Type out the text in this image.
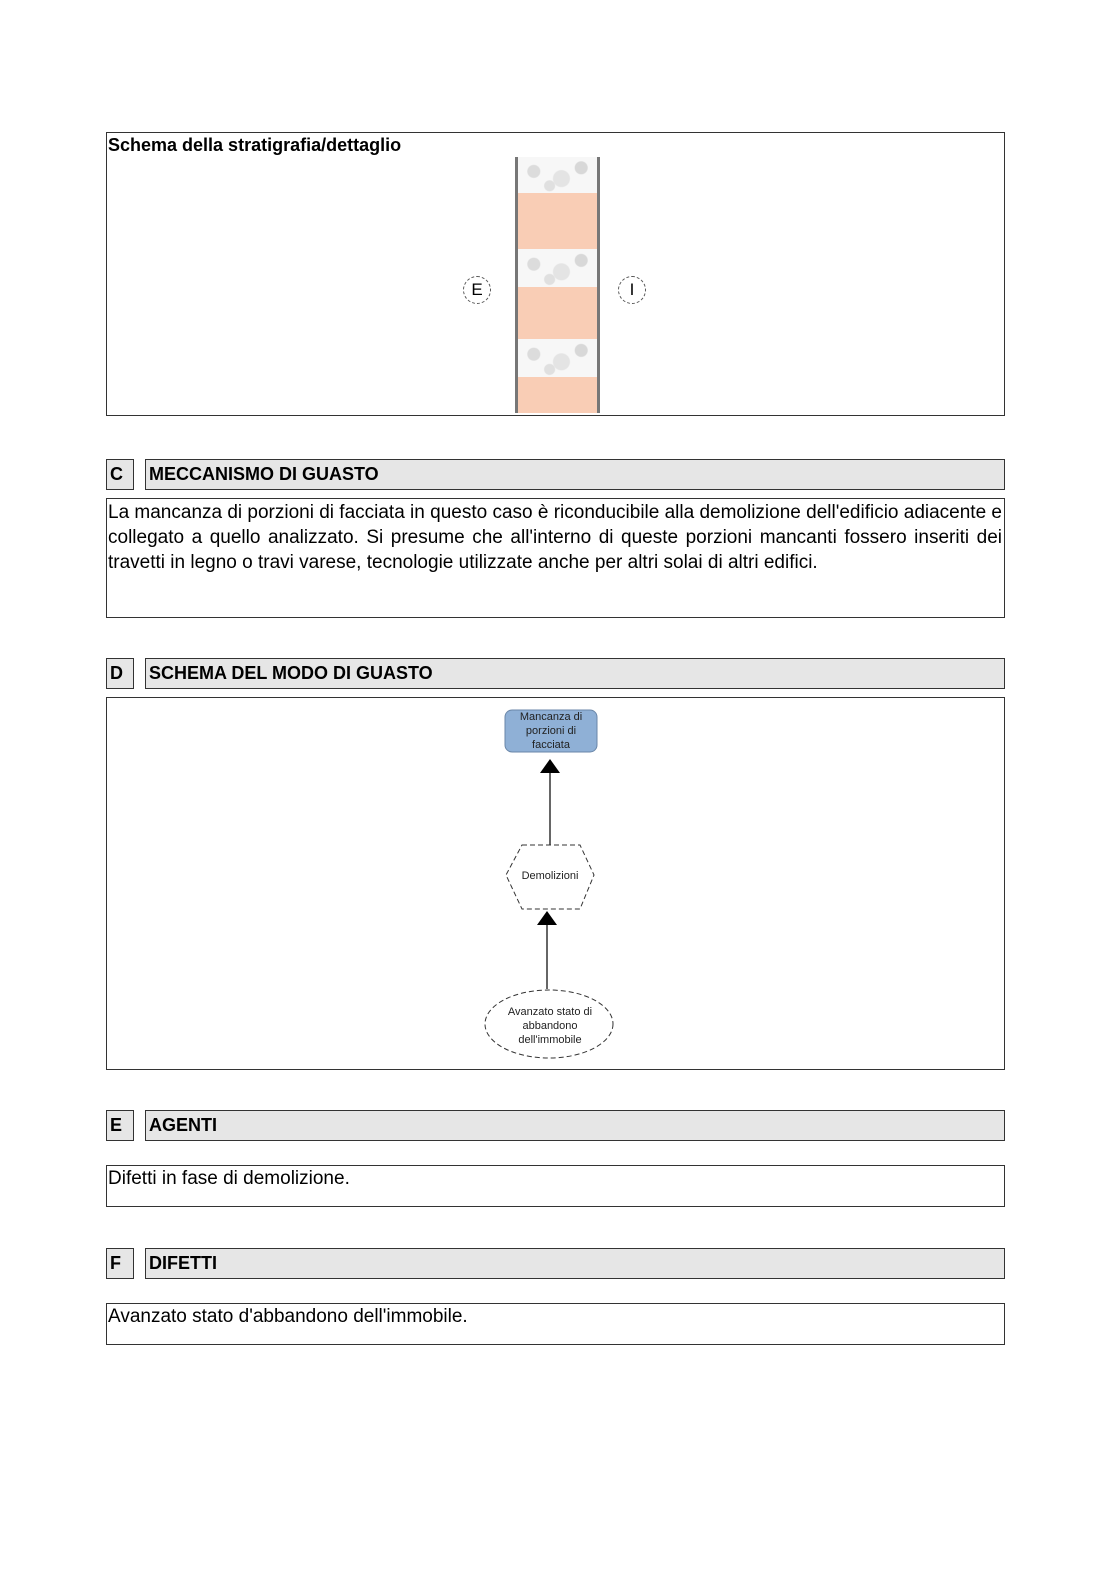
Schema della stratigrafia/dettaglio
E	I
C	MECCANISMO DI GUASTO
La mancanza di porzioni di facciata in questo caso è riconducibile alla demolizione dell'edificio adiacente e collegato a quello analizzato. Si presume che all'interno di queste porzioni mancanti fossero inseriti dei travetti in legno o travi varese, tecnologie utilizzate anche per altri solai di altri edifici.
D	SCHEMA DEL MODO DI GUASTO
Mancanza di porzioni di facciata
Demolizioni
Avanzato stato di abbandono dell'immobile
E	AGENTI
Difetti in fase di demolizione.
F	DIFETTI
Avanzato stato d'abbandono dell'immobile.
